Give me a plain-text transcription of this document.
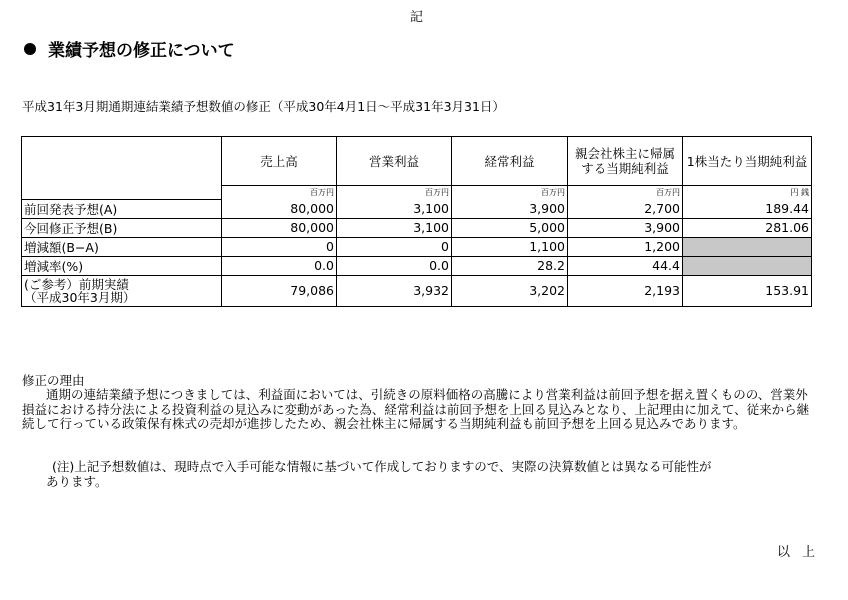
記
業績予想の修正について
平成31年3月期通期連結業績予想数値の修正（平成30年4月1日～平成31年3月31日）
	売上高	営業利益	経常利益	親会社株主に帰属する当期純利益	1株当たり当期純利益
	百万円	百万円	百万円	百万円	円 銭
前回発表予想(A)	80,000	3,100	3,900	2,700	189.44
今回修正予想(B)	80,000	3,100	5,000	3,900	281.06
増減額(B−A)	0	0	1,100	1,200	
増減率(%)	0.0	0.0	28.2	44.4	
(ご参考）前期実績
（平成30年3月期）	79,086	3,932	3,202	2,193	153.91
修正の理由
通期の連結業績予想につきましては、利益面においては、引続きの原料価格の高騰により営業利益は前回予想を据え置くものの、営業外損益における持分法による投資利益の見込みに変動があった為、経常利益は前回予想を上回る見込みとなり、上記理由に加えて、従来から継続して行っている政策保有株式の売却が進捗したため、親会社株主に帰属する当期純利益も前回予想を上回る見込みであります。
(注)上記予想数値は、現時点で入手可能な情報に基づいて作成しておりますので、実際の決算数値とは異なる可能性が
あります。
以上
